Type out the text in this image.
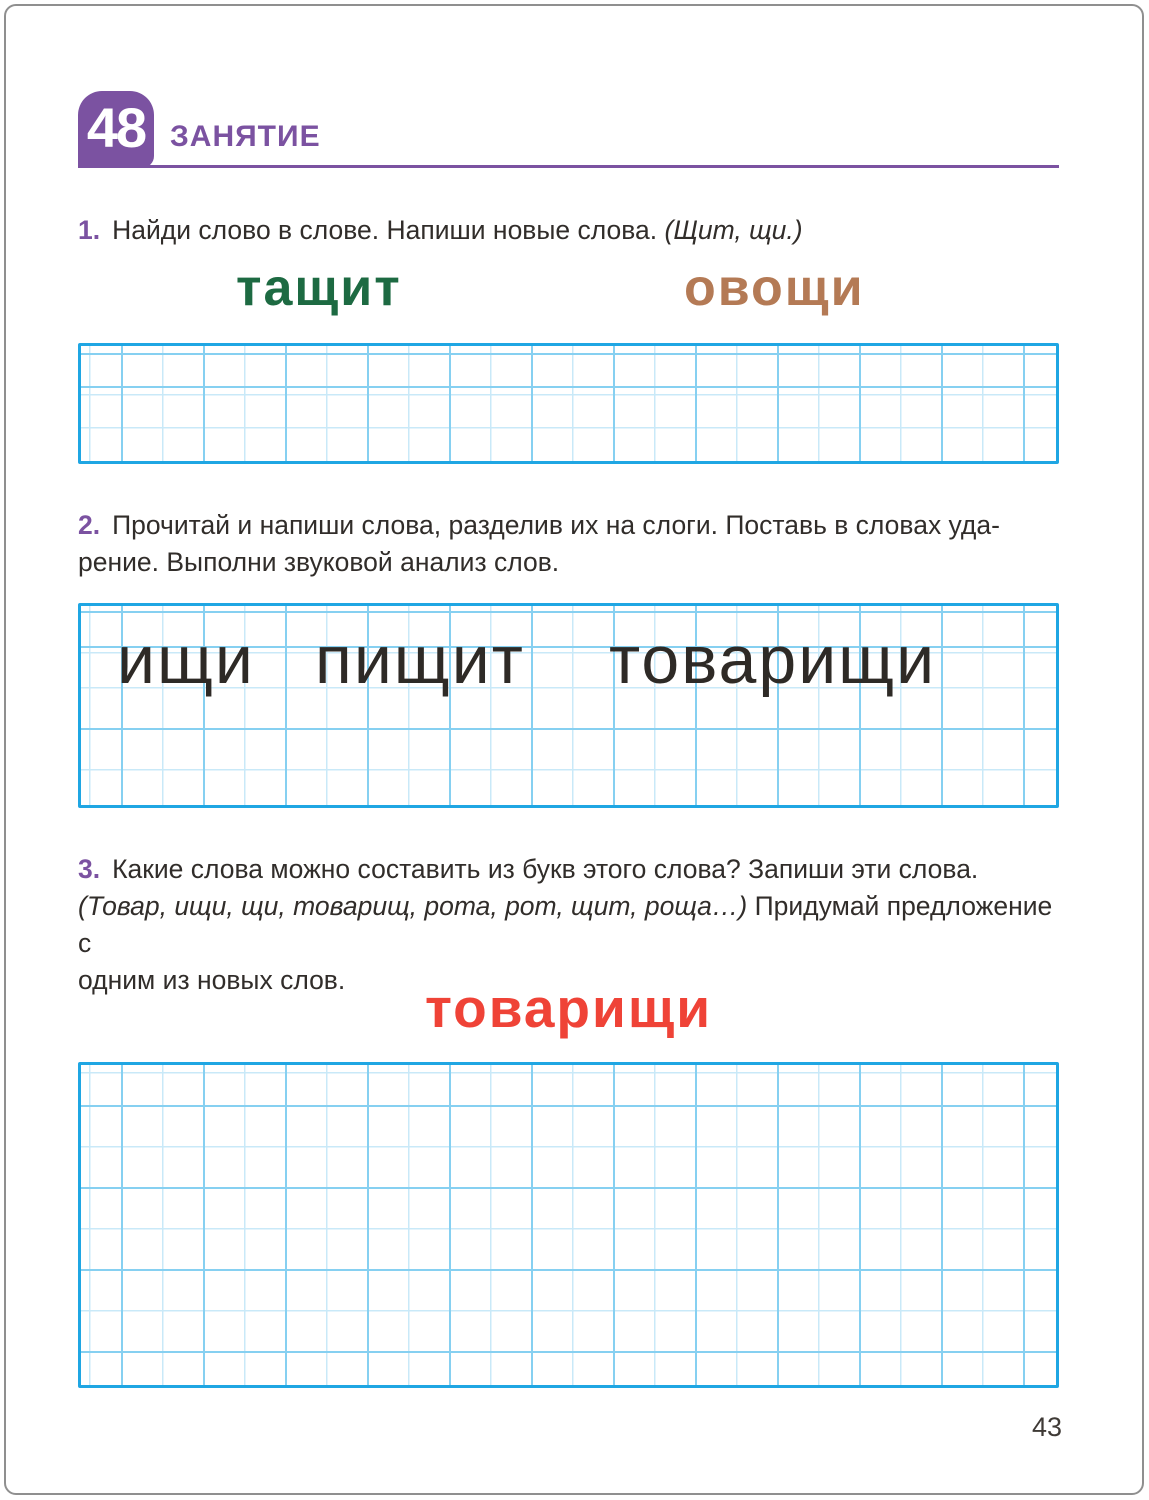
48 ЗАНЯТИЕ
1. Найди слово в слове. Напиши новые слова. (Щит, щи.)
тащит	овощи
2. Прочитай и напиши слова, разделив их на слоги. Поставь в словах уда-
рение. Выполни звуковой анализ слов.
ищи пищит товарищи
3. Какие слова можно составить из букв этого слова? Запиши эти слова.
(Товар, ищи, щи, товарищ, рота, рот, щит, роща…) Придумай предложение с
одним из новых слов.	товарищи
43
